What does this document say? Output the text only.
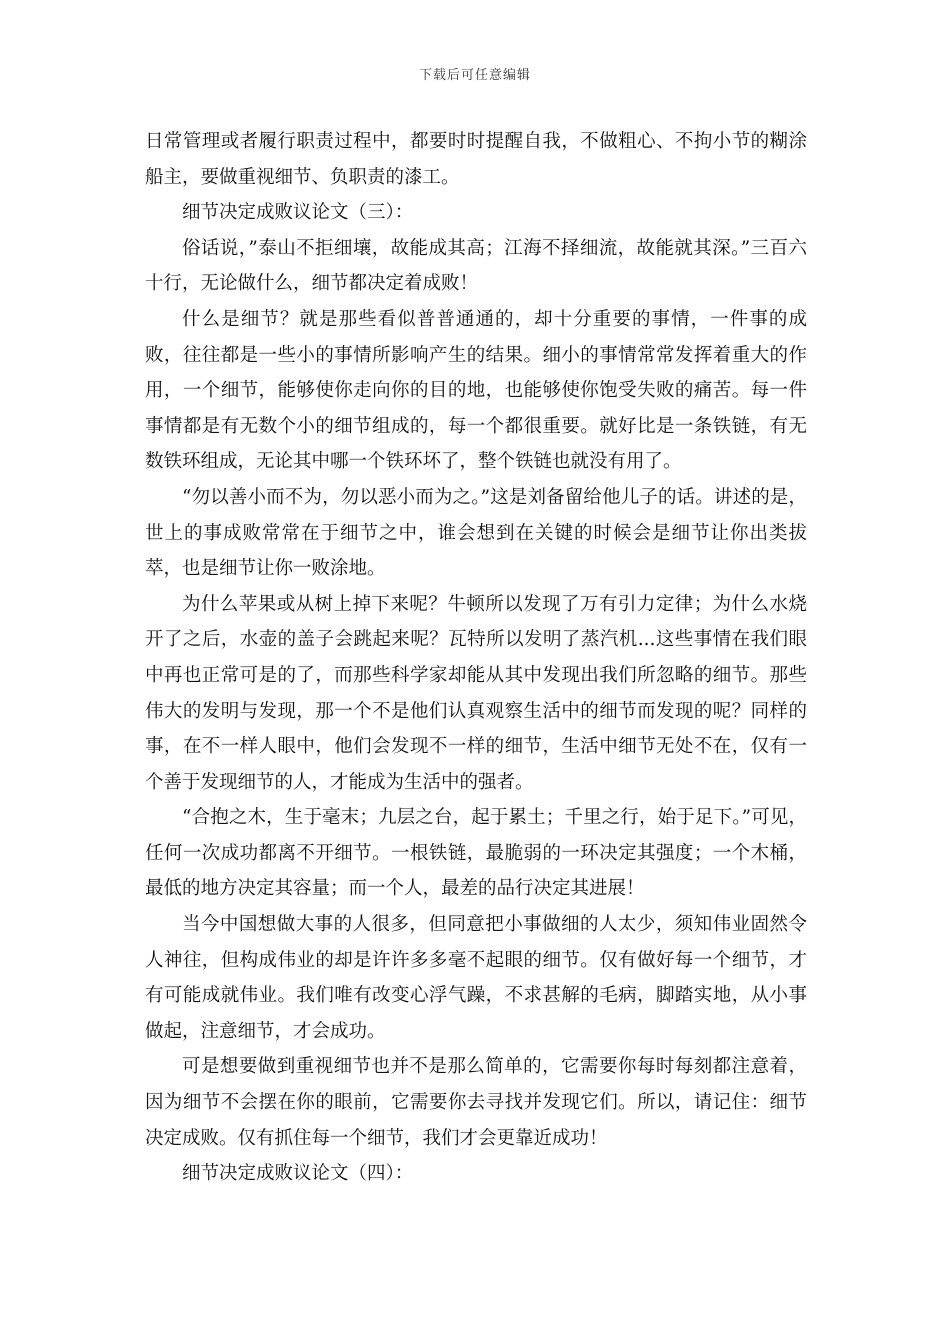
下载后可任意编辑

日常管理或者履行职责过程中，都要时时提醒自我，不做粗心、不拘小节的糊涂船主，要做重视细节、负职责的漆工。

细节决定成败议论文（三）：

俗话说，”泰山不拒细壤，故能成其高；江海不择细流，故能就其深。”三百六十行，无论做什么，细节都决定着成败！

什么是细节？就是那些看似普普通通的，却十分重要的事情，一件事的成败，往往都是一些小的事情所影响产生的结果。细小的事情常常发挥着重大的作用，一个细节，能够使你走向你的目的地，也能够使你饱受失败的痛苦。每一件事情都是有无数个小的细节组成的，每一个都很重要。就好比是一条铁链，有无数铁环组成，无论其中哪一个铁环坏了，整个铁链也就没有用了。

“勿以善小而不为，勿以恶小而为之。”这是刘备留给他儿子的话。讲述的是，世上的事成败常常在于细节之中，谁会想到在关键的时候会是细节让你出类拔萃，也是细节让你一败涂地。

为什么苹果或从树上掉下来呢？牛顿所以发现了万有引力定律；为什么水烧开了之后，水壶的盖子会跳起来呢？瓦特所以发明了蒸汽机...这些事情在我们眼中再也正常可是的了，而那些科学家却能从其中发现出我们所忽略的细节。那些伟大的发明与发现，那一个不是他们认真观察生活中的细节而发现的呢？同样的事，在不一样人眼中，他们会发现不一样的细节，生活中细节无处不在，仅有一个善于发现细节的人，才能成为生活中的强者。

“合抱之木，生于毫末；九层之台，起于累土；千里之行，始于足下。”可见，任何一次成功都离不开细节。一根铁链，最脆弱的一环决定其强度；一个木桶，最低的地方决定其容量；而一个人，最差的品行决定其进展！

当今中国想做大事的人很多，但同意把小事做细的人太少，须知伟业固然令人神往，但构成伟业的却是许许多多毫不起眼的细节。仅有做好每一个细节，才有可能成就伟业。我们唯有改变心浮气躁，不求甚解的毛病，脚踏实地，从小事做起，注意细节，才会成功。

可是想要做到重视细节也并不是那么简单的，它需要你每时每刻都注意着，因为细节不会摆在你的眼前，它需要你去寻找并发现它们。所以，请记住：细节决定成败。仅有抓住每一个细节，我们才会更靠近成功！

细节决定成败议论文（四）：
